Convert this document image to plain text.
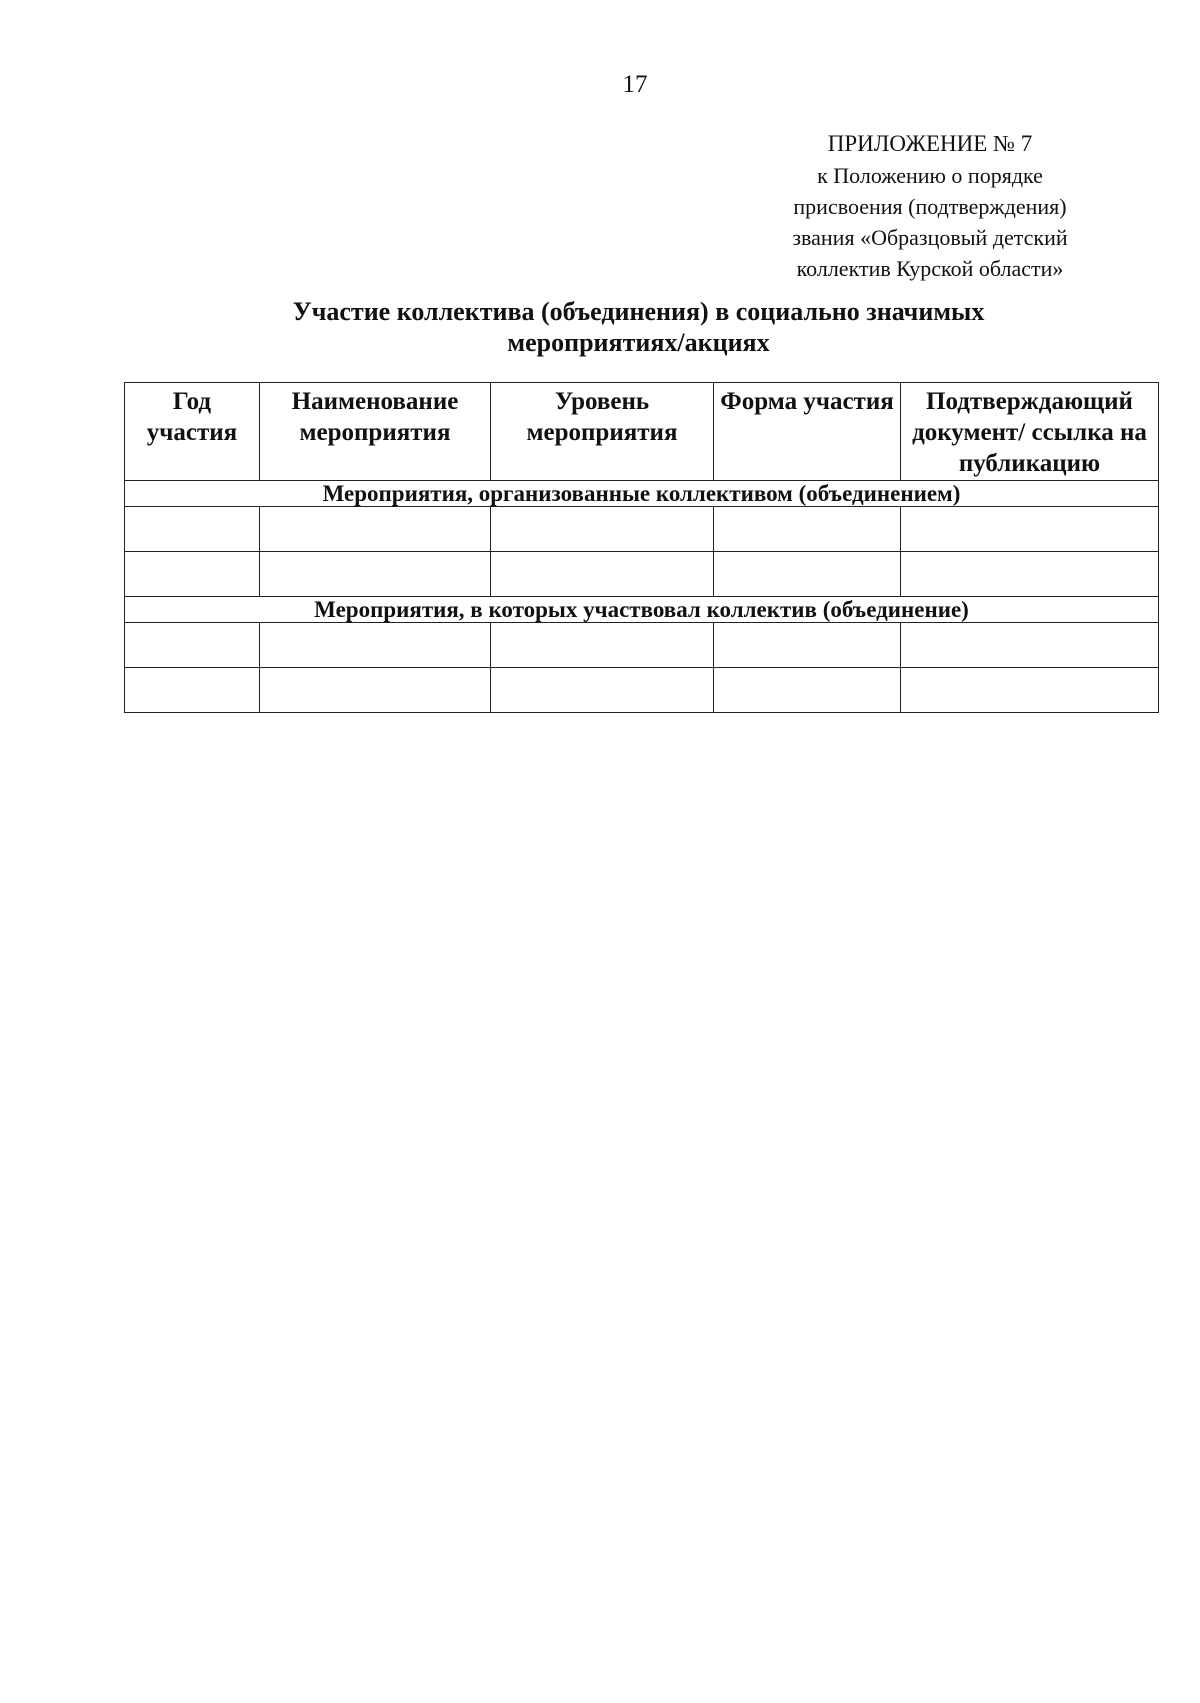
17
ПРИЛОЖЕНИЕ № 7
к Положению о порядке
присвоения (подтверждения)
звания «Образцовый детский
коллектив Курской области»
Участие коллектива (объединения) в социально значимых
мероприятиях/акциях
Год участия	Наименование мероприятия	Уровень мероприятия	Форма участия	Подтверждающий документ/ ссылка на публикацию
Мероприятия, организованные коллективом (объединением)				

Мероприятия, в которых участвовал коллектив (объединение)				
